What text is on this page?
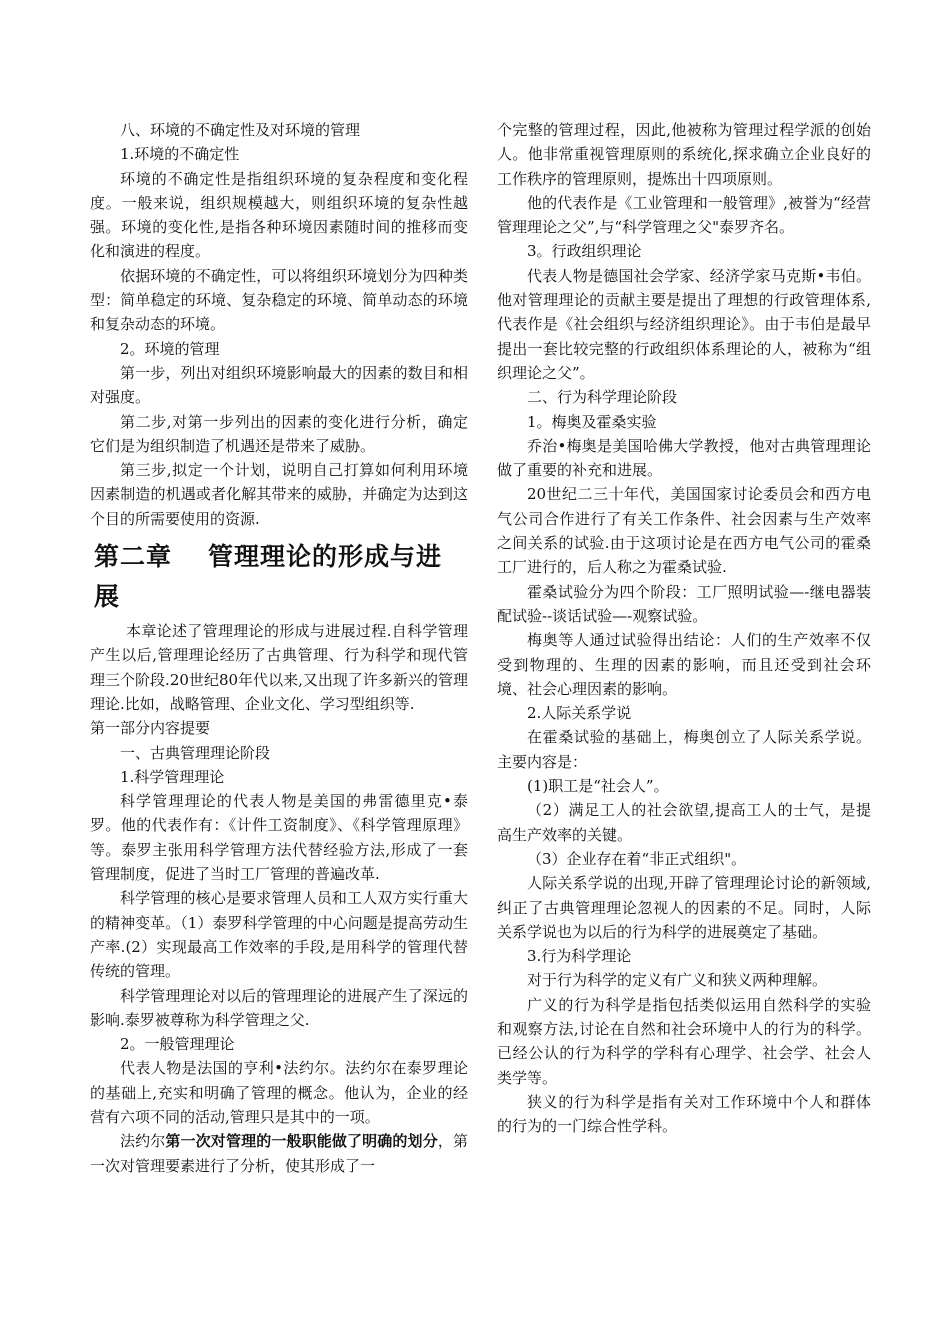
八、环境的不确定性及对环境的管理

1.环境的不确定性

环境的不确定性是指组织环境的复杂程度和变化程度。一般来说，组织规模越大，则组织环境的复杂性越强。环境的变化性,是指各种环境因素随时间的推移而变化和演进的程度。

依据环境的不确定性，可以将组织环境划分为四种类型：简单稳定的环境、复杂稳定的环境、简单动态的环境和复杂动态的环境。

2。环境的管理

第一步，列出对组织环境影响最大的因素的数目和相对强度。

第二步,对第一步列出的因素的变化进行分析，确定它们是为组织制造了机遇还是带来了威胁。

第三步,拟定一个计划，说明自己打算如何利用环境因素制造的机遇或者化解其带来的威胁，并确定为达到这个目的所需要使用的资源.

第二章 管理理论的形成与进展

本章论述了管理理论的形成与进展过程.自科学管理产生以后,管理理论经历了古典管理、行为科学和现代管理三个阶段.20世纪80年代以来,又出现了许多新兴的管理理论.比如，战略管理、企业文化、学习型组织等.

第一部分内容提要

一、古典管理理论阶段

1.科学管理理论

科学管理理论的代表人物是美国的弗雷德里克•泰罗。他的代表作有：《计件工资制度》、《科学管理原理》等。泰罗主张用科学管理方法代替经验方法,形成了一套管理制度，促进了当时工厂管理的普遍改革.

科学管理的核心是要求管理人员和工人双方实行重大的精神变革。（1）泰罗科学管理的中心问题是提高劳动生产率.(2）实现最高工作效率的手段,是用科学的管理代替传统的管理。

科学管理理论对以后的管理理论的进展产生了深远的影响.泰罗被尊称为科学管理之父.

2。一般管理理论

代表人物是法国的亨利•法约尔。法约尔在泰罗理论的基础上,充实和明确了管理的概念。他认为，企业的经营有六项不同的活动,管理只是其中的一项。

法约尔第一次对管理的一般职能做了明确的划分，第一次对管理要素进行了分析，使其形成了一

个完整的管理过程，因此,他被称为管理过程学派的创始人。他非常重视管理原则的系统化,探求确立企业良好的工作秩序的管理原则，提炼出十四项原则。

他的代表作是《工业管理和一般管理》,被誉为“经营管理理论之父”,与“科学管理之父"泰罗齐名。

3。行政组织理论

代表人物是德国社会学家、经济学家马克斯•韦伯。他对管理理论的贡献主要是提出了理想的行政管理体系,代表作是《社会组织与经济组织理论》。由于韦伯是最早提出一套比较完整的行政组织体系理论的人，被称为“组织理论之父”。

二、行为科学理论阶段

1。梅奥及霍桑实验

乔治•梅奥是美国哈佛大学教授，他对古典管理理论做了重要的补充和进展。

20世纪二三十年代，美国国家讨论委员会和西方电气公司合作进行了有关工作条件、社会因素与生产效率之间关系的试验.由于这项讨论是在西方电气公司的霍桑工厂进行的，后人称之为霍桑试验.

霍桑试验分为四个阶段：工厂照明试验—-继电器装配试验--谈话试验—-观察试验。

梅奥等人通过试验得出结论：人们的生产效率不仅受到物理的、生理的因素的影响，而且还受到社会环境、社会心理因素的影响。

2.人际关系学说

在霍桑试验的基础上，梅奥创立了人际关系学说。主要内容是：

(1)职工是“社会人”。

（2）满足工人的社会欲望,提高工人的士气，是提高生产效率的关键。

（3）企业存在着“非正式组织"。

人际关系学说的出现,开辟了管理理论讨论的新领域,纠正了古典管理理论忽视人的因素的不足。同时，人际关系学说也为以后的行为科学的进展奠定了基础。

3.行为科学理论

对于行为科学的定义有广义和狭义两种理解。

广义的行为科学是指包括类似运用自然科学的实验和观察方法,讨论在自然和社会环境中人的行为的科学。已经公认的行为科学的学科有心理学、社会学、社会人类学等。

狭义的行为科学是指有关对工作环境中个人和群体的行为的一门综合性学科。
